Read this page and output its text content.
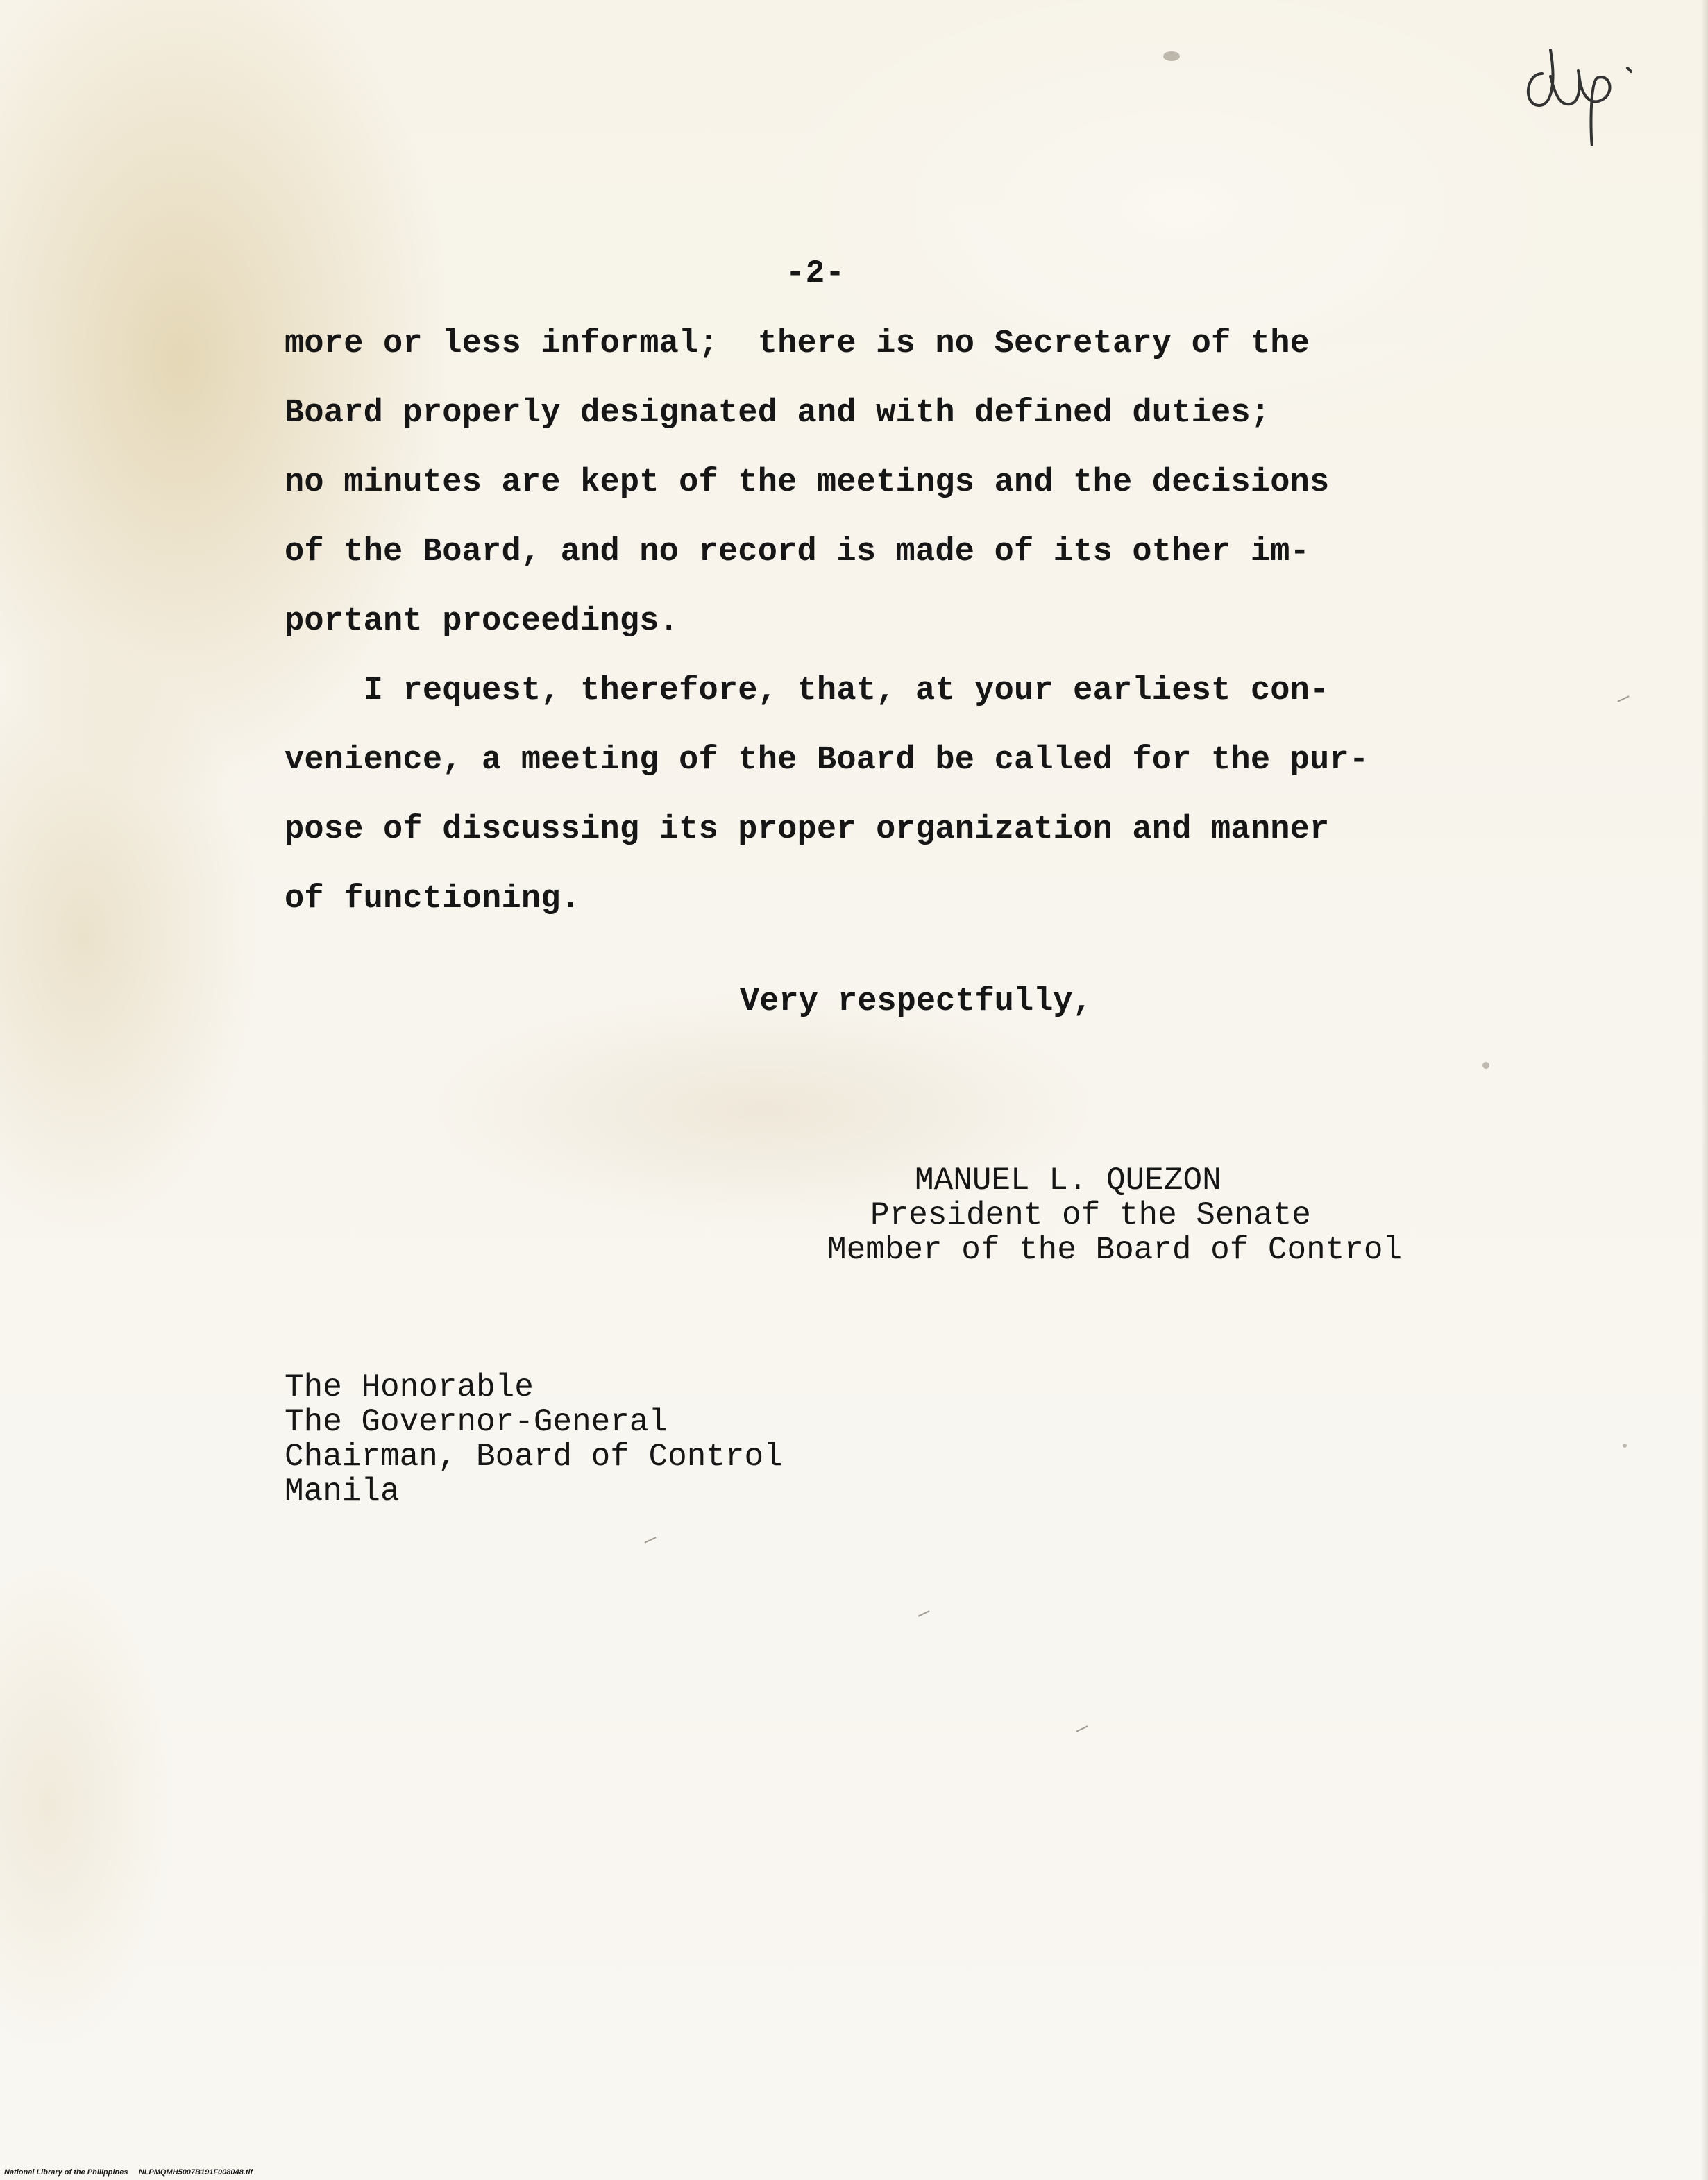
-2-
more or less informal;  there is no Secretary of the
Board properly designated and with defined duties;
no minutes are kept of the meetings and the decisions
of the Board, and no record is made of its other im-
portant proceedings.
I request, therefore, that, at your earliest con-
venience, a meeting of the Board be called for the pur-
pose of discussing its proper organization and manner
of functioning.
Very respectfully,
MANUEL L. QUEZON
President of the Senate
Member of the Board of Control
The Honorable
The Governor-General
Chairman, Board of Control
Manila
National Library of the Philippines     NLPMQMH5007B191F008048.tif
